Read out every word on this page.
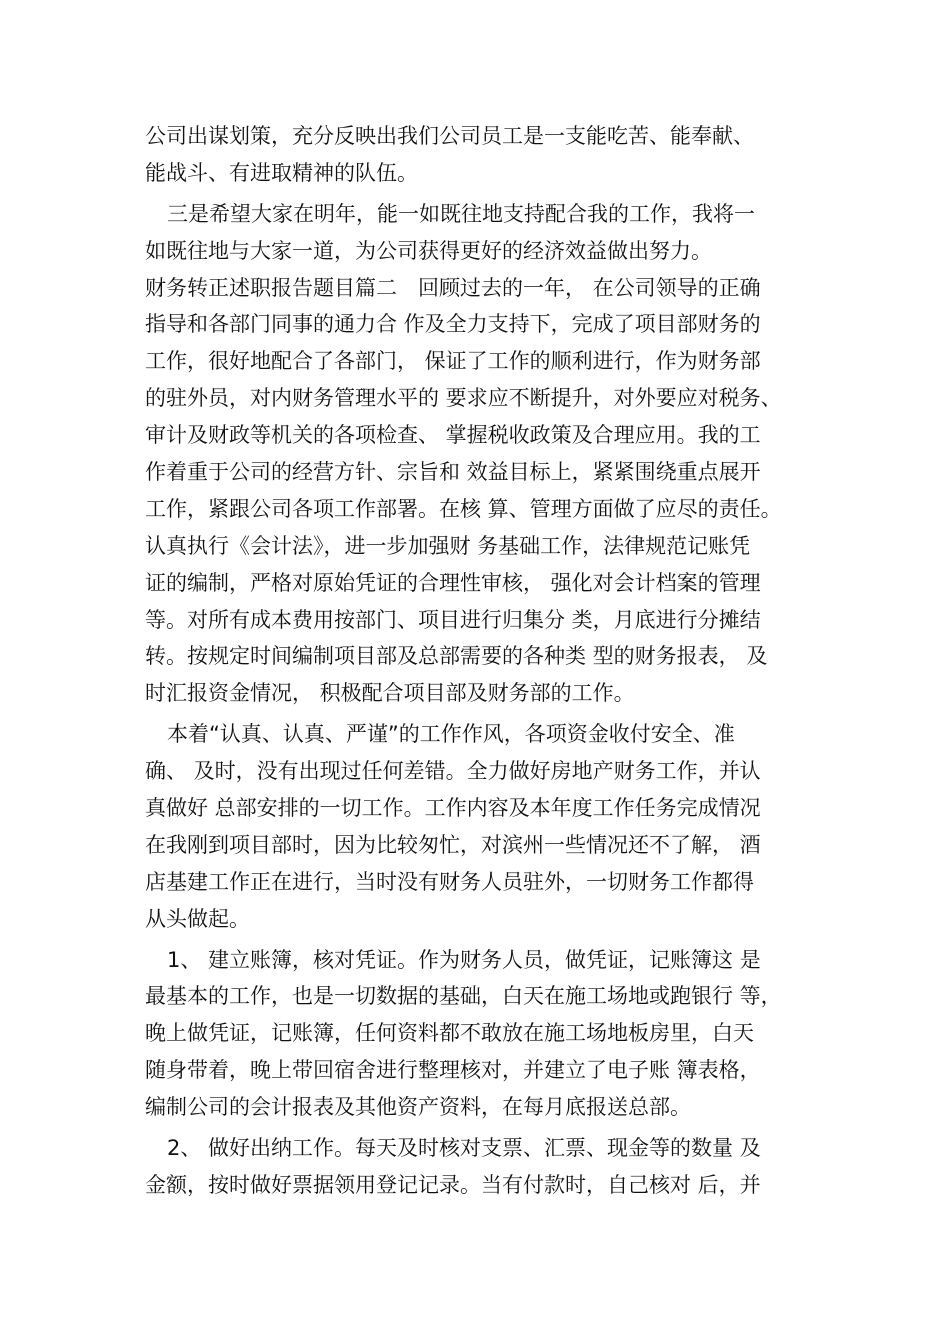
公司出谋划策，充分反映出我们公司员工是一支能吃苦、能奉献、
能战斗、有进取精神的队伍。
三是希望大家在明年，能一如既往地支持配合我的工作，我将一
如既往地与大家一道，为公司获得更好的经济效益做出努力。
财务转正述职报告题目篇二　回顾过去的一年， 在公司领导的正确
指导和各部门同事的通力合 作及全力支持下，完成了项目部财务的
工作，很好地配合了各部门， 保证了工作的顺利进行，作为财务部
的驻外员，对内财务管理水平的 要求应不断提升，对外要应对税务、
审计及财政等机关的各项检查、 掌握税收政策及合理应用。我的工
作着重于公司的经营方针、宗旨和 效益目标上，紧紧围绕重点展开
工作，紧跟公司各项工作部署。在核 算、管理方面做了应尽的责任。
认真执行《会计法》，进一步加强财 务基础工作，法律规范记账凭
证的编制，严格对原始凭证的合理性审核， 强化对会计档案的管理
等。对所有成本费用按部门、项目进行归集分 类，月底进行分摊结
转。按规定时间编制项目部及总部需要的各种类 型的财务报表， 及
时汇报资金情况， 积极配合项目部及财务部的工作。
本着“认真、认真、严谨”的工作作风，各项资金收付安全、准
确、 及时，没有出现过任何差错。全力做好房地产财务工作，并认
真做好 总部安排的一切工作。工作内容及本年度工作任务完成情况
在我刚到项目部时，因为比较匆忙，对滨州一些情况还不了解， 酒
店基建工作正在进行，当时没有财务人员驻外，一切财务工作都得
从头做起。
1、 建立账簿，核对凭证。作为财务人员，做凭证，记账簿这 是
最基本的工作，也是一切数据的基础，白天在施工场地或跑银行 等，
晚上做凭证，记账簿，任何资料都不敢放在施工场地板房里，白天
随身带着，晚上带回宿舍进行整理核对，并建立了电子账 簿表格，
编制公司的会计报表及其他资产资料，在每月底报送总部。
2、 做好出纳工作。每天及时核对支票、汇票、现金等的数量 及
金额，按时做好票据领用登记记录。当有付款时，自己核对 后，并
